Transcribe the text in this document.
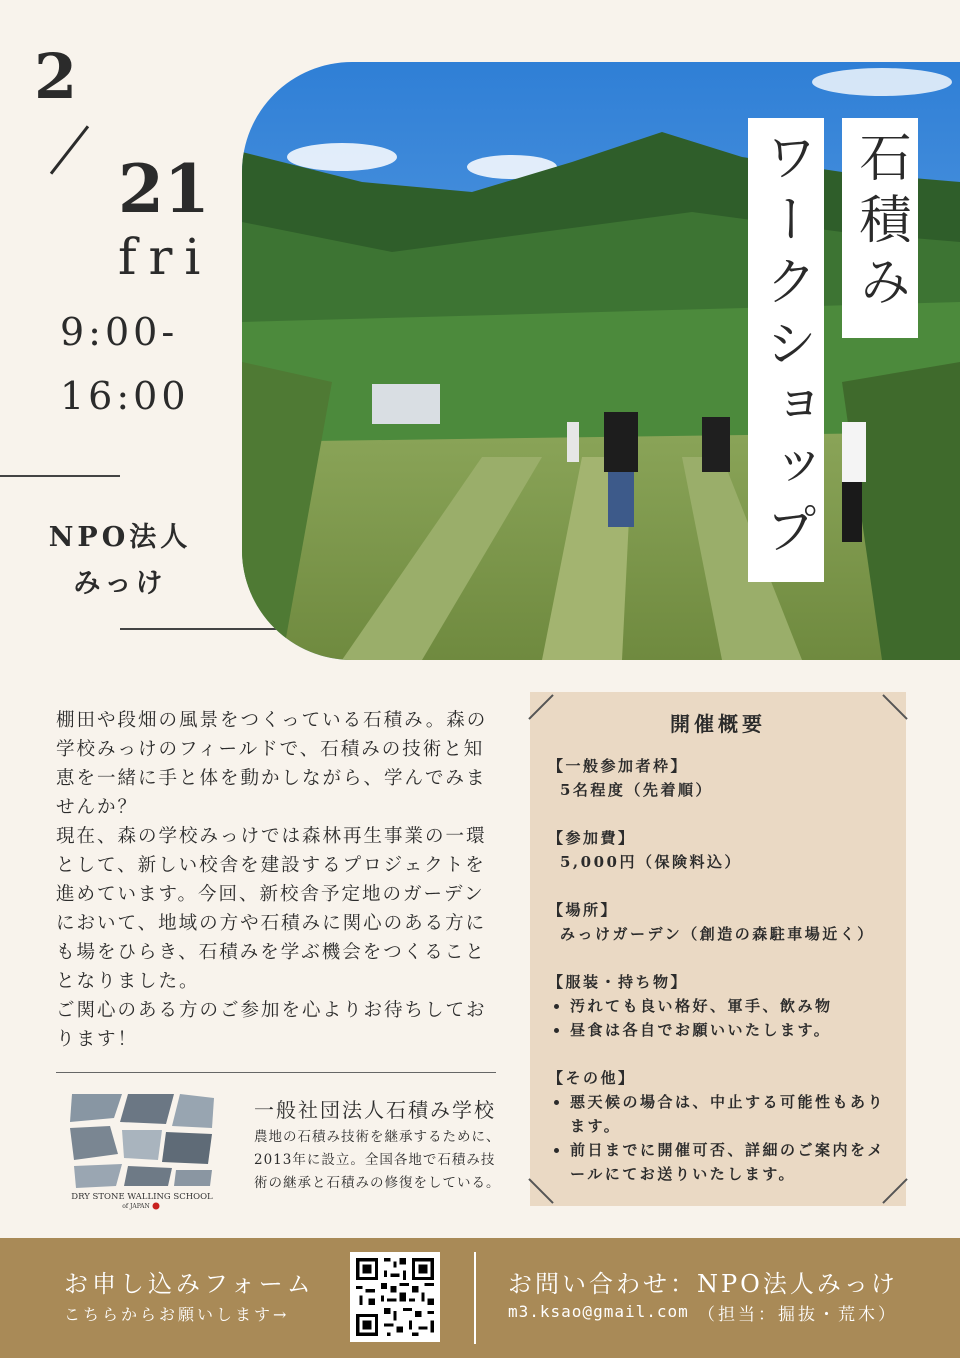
2
21
fri
9:00-
16:00
NPO法人
みっけ
石積み
ワークショップ

棚田や段畑の風景をつくっている石積み。森の学校みっけのフィールドで、石積みの技術と知恵を一緒に手と体を動かしながら、学んでみませんか？

現在、森の学校みっけでは森林再生事業の一環として、新しい校舎を建設するプロジェクトを進めています。今回、新校舎予定地のガーデンにおいて、地域の方や石積みに関心のある方にも場をひらき、石積みを学ぶ機会をつくることとなりました。

ご関心のある方のご参加を心よりお待ちしております！

DRY STONE WALLING SCHOOL
of JAPAN
一般社団法人石積み学校
農地の石積み技術を継承するために、2013年に設立。全国各地で石積み技術の継承と石積みの修復をしている。
開催概要
【一般参加者枠】
5名程度（先着順）
【参加費】
5,000円（保険料込）
【場所】
みっけガーデン（創造の森駐車場近く）
【服装・持ち物】
• 汚れても良い格好、軍手、飲み物
• 昼食は各自でお願いいたします。
【その他】
• 悪天候の場合は、中止する可能性もあります。
• 前日までに開催可否、詳細のご案内をメールにてお送りいたします。
お申し込みフォーム
こちらからお願いします→
お問い合わせ：NPO法人みっけ
m3.ksao@gmail.com （担当：掘抜・荒木）
